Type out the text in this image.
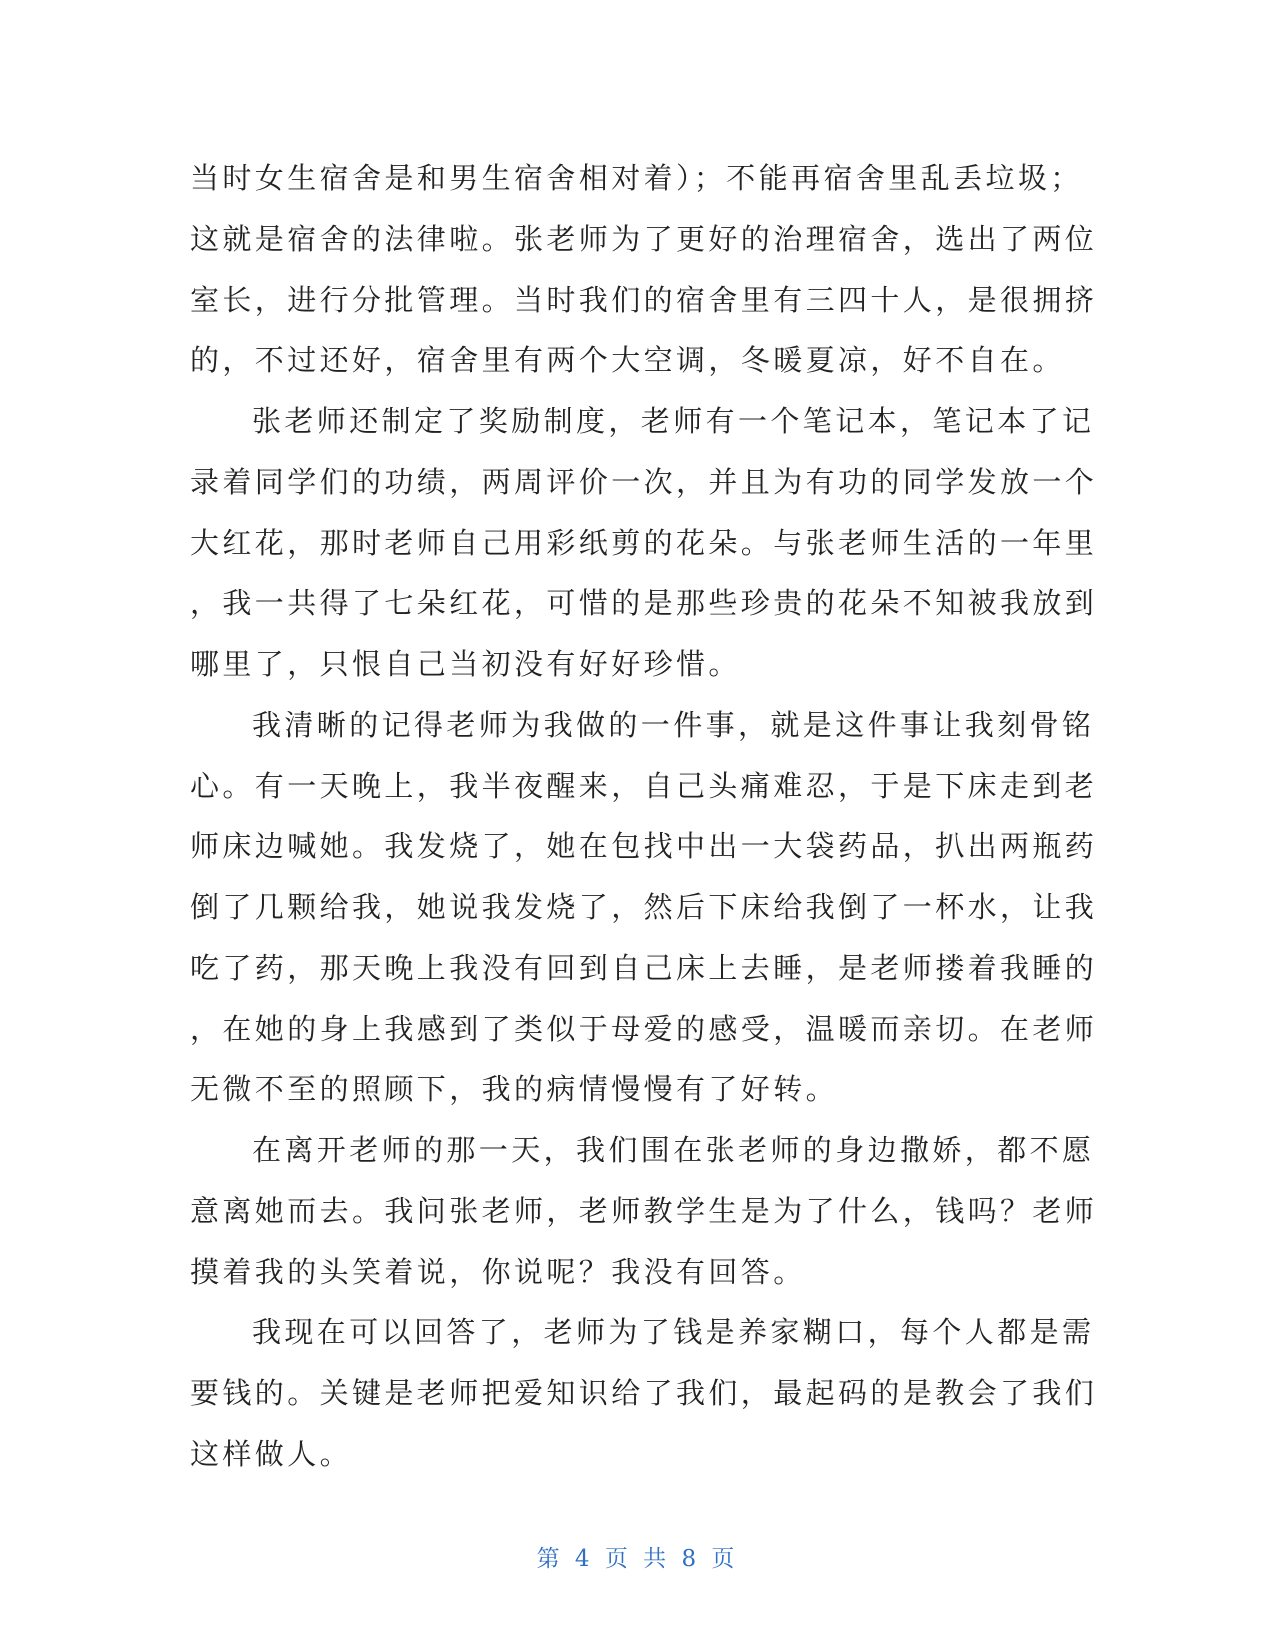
当时女生宿舍是和男生宿舍相对着）；不能再宿舍里乱丢垃圾；
这就是宿舍的法律啦。张老师为了更好的治理宿舍，选出了两位
室长，进行分批管理。当时我们的宿舍里有三四十人，是很拥挤
的，不过还好，宿舍里有两个大空调，冬暖夏凉，好不自在。
张老师还制定了奖励制度，老师有一个笔记本，笔记本了记
录着同学们的功绩，两周评价一次，并且为有功的同学发放一个
大红花，那时老师自己用彩纸剪的花朵。与张老师生活的一年里
，我一共得了七朵红花，可惜的是那些珍贵的花朵不知被我放到
哪里了，只恨自己当初没有好好珍惜。
我清晰的记得老师为我做的一件事，就是这件事让我刻骨铭
心。有一天晚上，我半夜醒来，自己头痛难忍，于是下床走到老
师床边喊她。我发烧了，她在包找中出一大袋药品，扒出两瓶药
倒了几颗给我，她说我发烧了，然后下床给我倒了一杯水，让我
吃了药，那天晚上我没有回到自己床上去睡，是老师搂着我睡的
，在她的身上我感到了类似于母爱的感受，温暖而亲切。在老师
无微不至的照顾下，我的病情慢慢有了好转。
在离开老师的那一天，我们围在张老师的身边撒娇，都不愿
意离她而去。我问张老师，老师教学生是为了什么，钱吗？老师
摸着我的头笑着说，你说呢？我没有回答。
我现在可以回答了，老师为了钱是养家糊口，每个人都是需
要钱的。关键是老师把爱知识给了我们，最起码的是教会了我们
这样做人。
第 4 页 共 8 页
